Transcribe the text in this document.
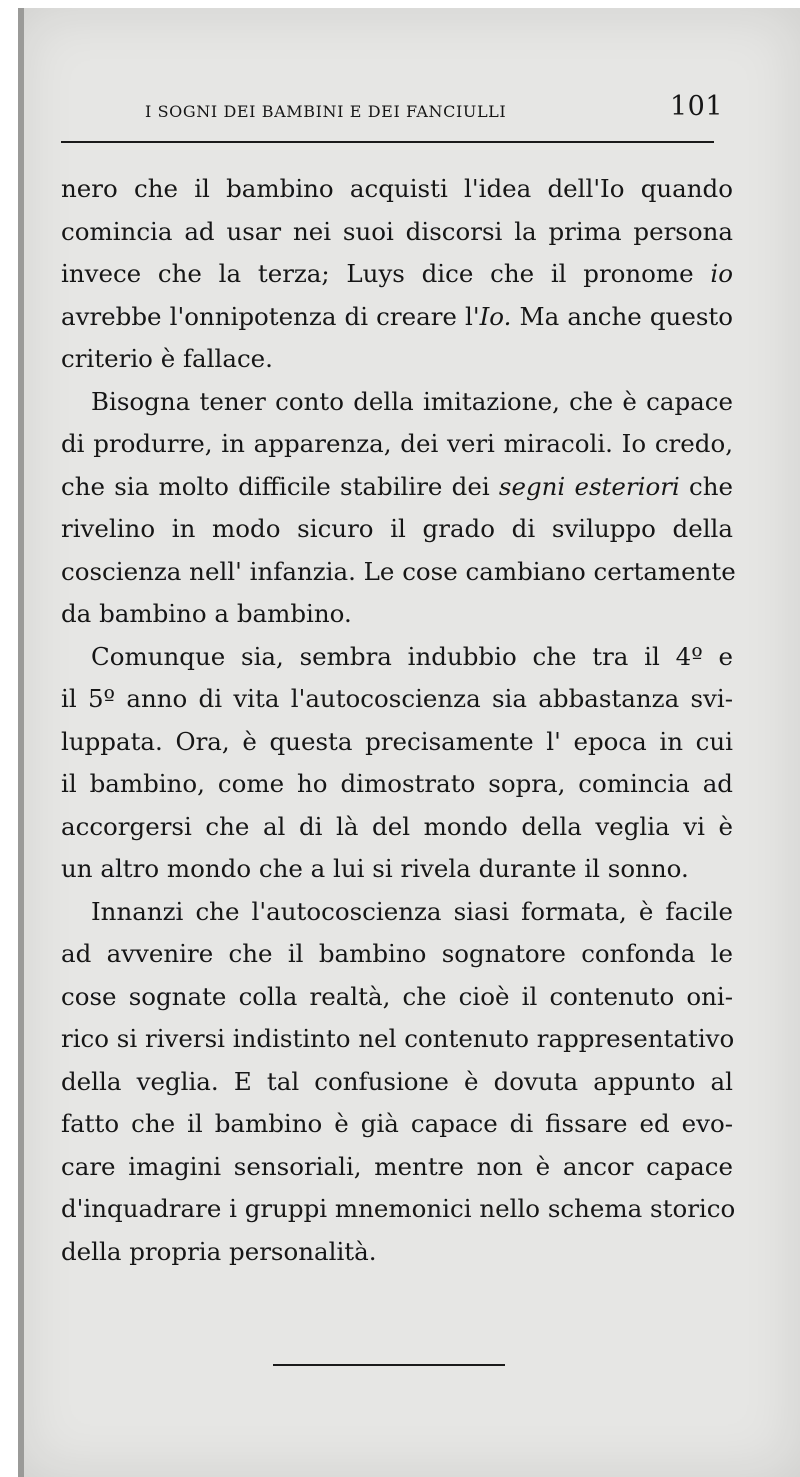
I SOGNI DEI BAMBINI E DEI FANCIULLI	101
nero che il bambino acquisti l'idea dell'Io quando
comincia ad usar nei suoi discorsi la prima persona
invece che la terza; Luys dice che il pronome io
avrebbe l'onnipotenza di creare l'Io. Ma anche questo
criterio è fallace.
Bisogna tener conto della imitazione, che è capace
di produrre, in apparenza, dei veri miracoli. Io credo,
che sia molto difficile stabilire dei segni esteriori che
rivelino in modo sicuro il grado di sviluppo della
coscienza nell' infanzia. Le cose cambiano certamente
da bambino a bambino.
Comunque sia, sembra indubbio che tra il 4º e
il 5º anno di vita l'autocoscienza sia abbastanza svi-
luppata. Ora, è questa precisamente l' epoca in cui
il bambino, come ho dimostrato sopra, comincia ad
accorgersi che al di là del mondo della veglia vi è
un altro mondo che a lui si rivela durante il sonno.
Innanzi che l'autocoscienza siasi formata, è facile
ad avvenire che il bambino sognatore confonda le
cose sognate colla realtà, che cioè il contenuto oni-
rico si riversi indistinto nel contenuto rappresentativo
della veglia. E tal confusione è dovuta appunto al
fatto che il bambino è già capace di fissare ed evo-
care imagini sensoriali, mentre non è ancor capace
d'inquadrare i gruppi mnemonici nello schema storico
della propria personalità.
